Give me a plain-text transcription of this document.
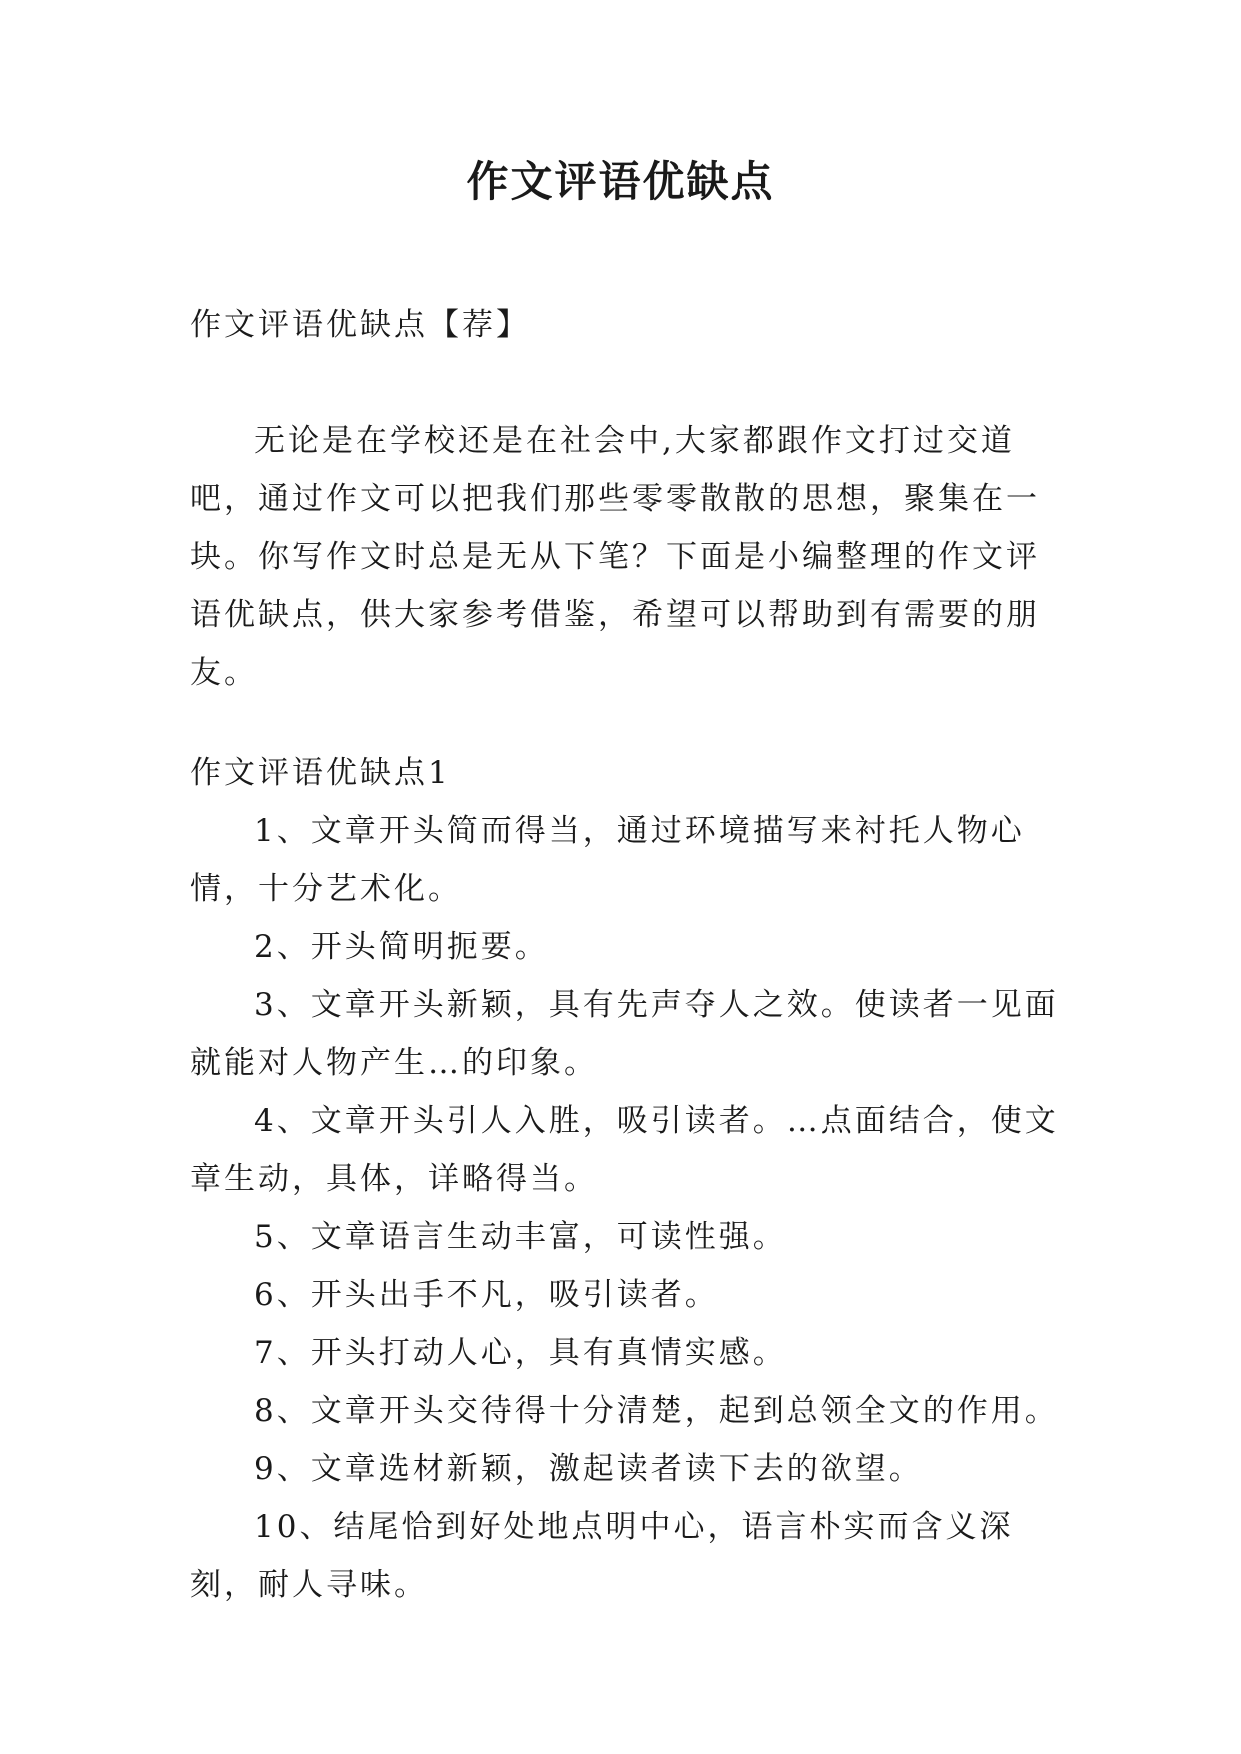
作文评语优缺点

作文评语优缺点【荐】

无论是在学校还是在社会中,大家都跟作文打过交道吧，通过作文可以把我们那些零零散散的思想，聚集在一块。你写作文时总是无从下笔？下面是小编整理的作文评语优缺点，供大家参考借鉴，希望可以帮助到有需要的朋友。

作文评语优缺点1

1、文章开头简而得当，通过环境描写来衬托人物心情，十分艺术化。

2、开头简明扼要。

3、文章开头新颖，具有先声夺人之效。使读者一见面就能对人物产生…的印象。

4、文章开头引人入胜，吸引读者。…点面结合，使文章生动，具体，详略得当。

5、文章语言生动丰富，可读性强。

6、开头出手不凡，吸引读者。

7、开头打动人心，具有真情实感。

8、文章开头交待得十分清楚，起到总领全文的作用。

9、文章选材新颖，激起读者读下去的欲望。

10、结尾恰到好处地点明中心，语言朴实而含义深刻，耐人寻味。
